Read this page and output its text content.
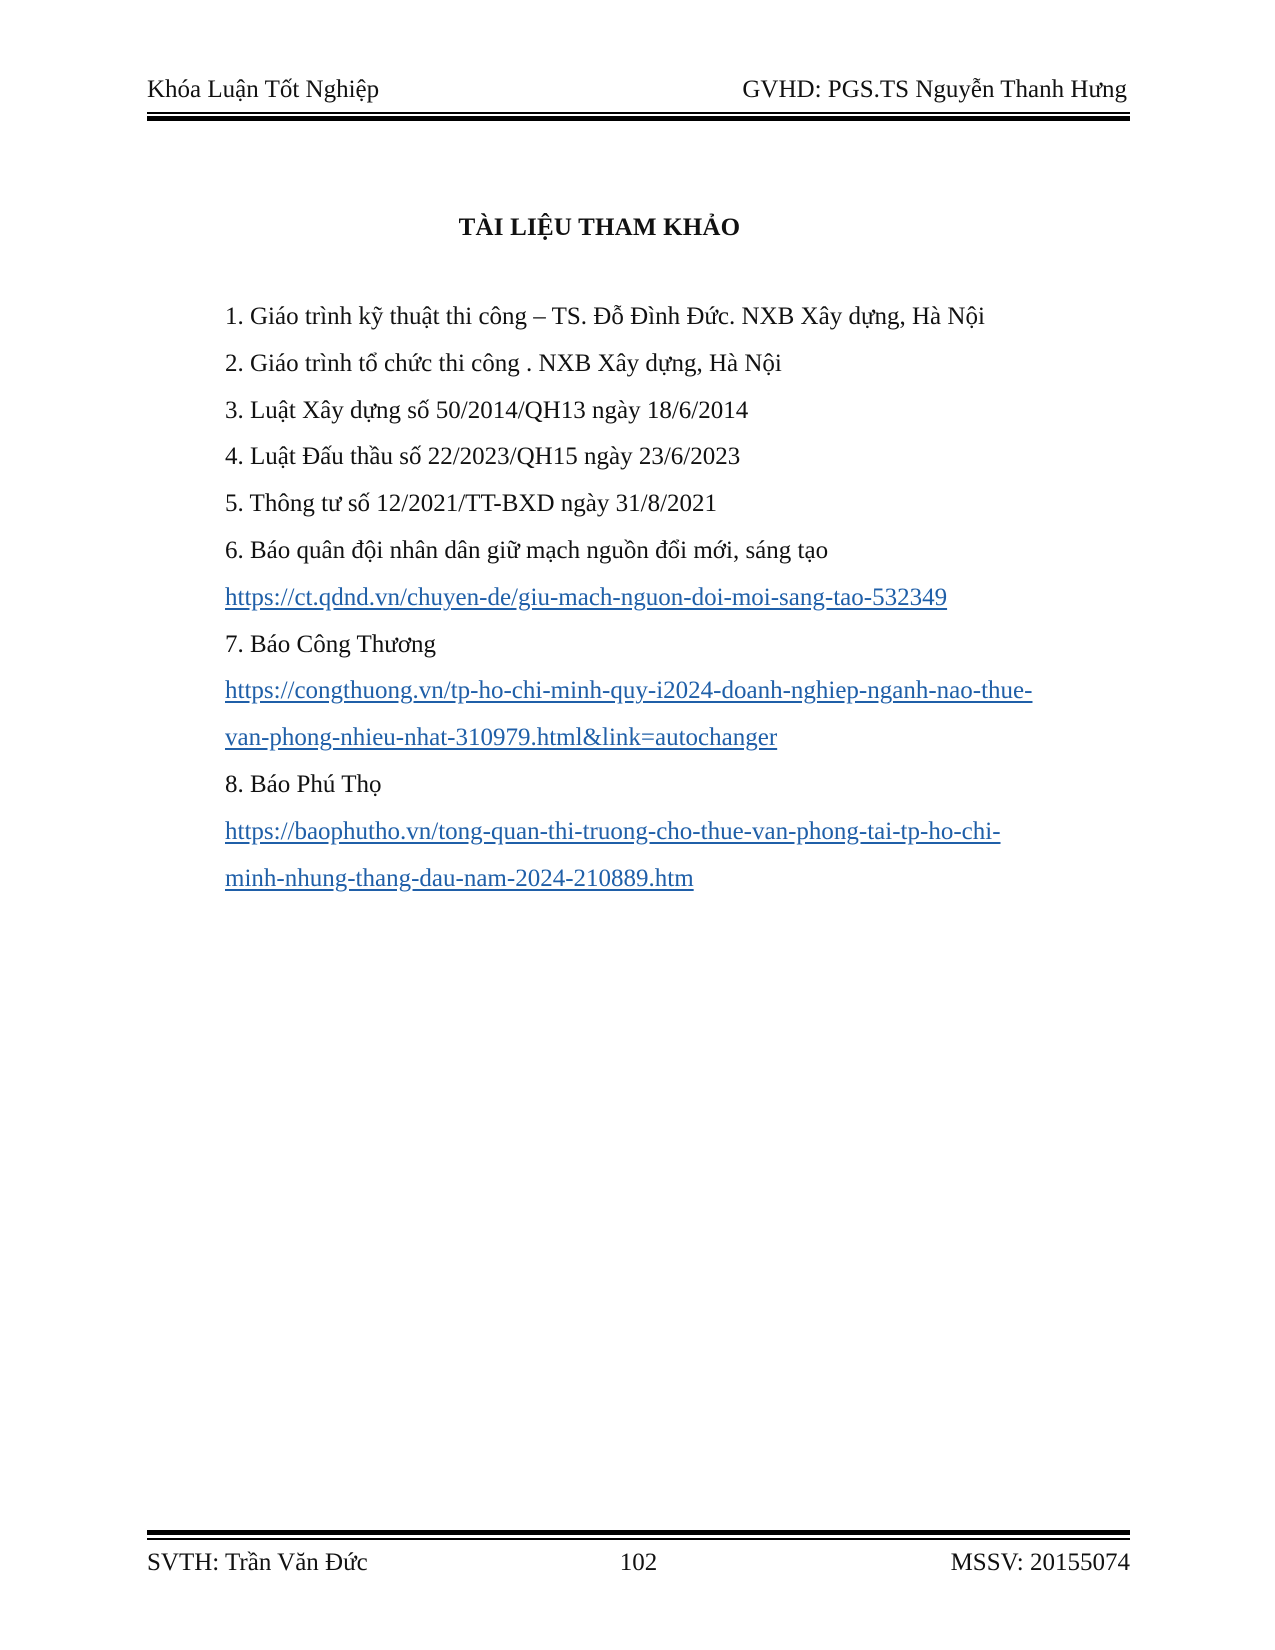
Khóa Luận Tốt Nghiệp	GVHD: PGS.TS Nguyễn Thanh Hưng
TÀI LIỆU THAM KHẢO
1. Giáo trình kỹ thuật thi công – TS. Đỗ Đình Đức. NXB Xây dựng, Hà Nội
2. Giáo trình tổ chức thi công . NXB Xây dựng, Hà Nội
3. Luật Xây dựng số 50/2014/QH13 ngày 18/6/2014
4. Luật Đấu thầu số 22/2023/QH15 ngày 23/6/2023
5. Thông tư số 12/2021/TT-BXD ngày 31/8/2021
6. Báo quân đội nhân dân giữ mạch nguồn đổi mới, sáng tạo
https://ct.qdnd.vn/chuyen-de/giu-mach-nguon-doi-moi-sang-tao-532349
7. Báo Công Thương
https://congthuong.vn/tp-ho-chi-minh-quy-i2024-doanh-nghiep-nganh-nao-thue-
van-phong-nhieu-nhat-310979.html&link=autochanger
8. Báo Phú Thọ
https://baophutho.vn/tong-quan-thi-truong-cho-thue-van-phong-tai-tp-ho-chi-
minh-nhung-thang-dau-nam-2024-210889.htm
SVTH: Trần Văn Đức	102	MSSV: 20155074
